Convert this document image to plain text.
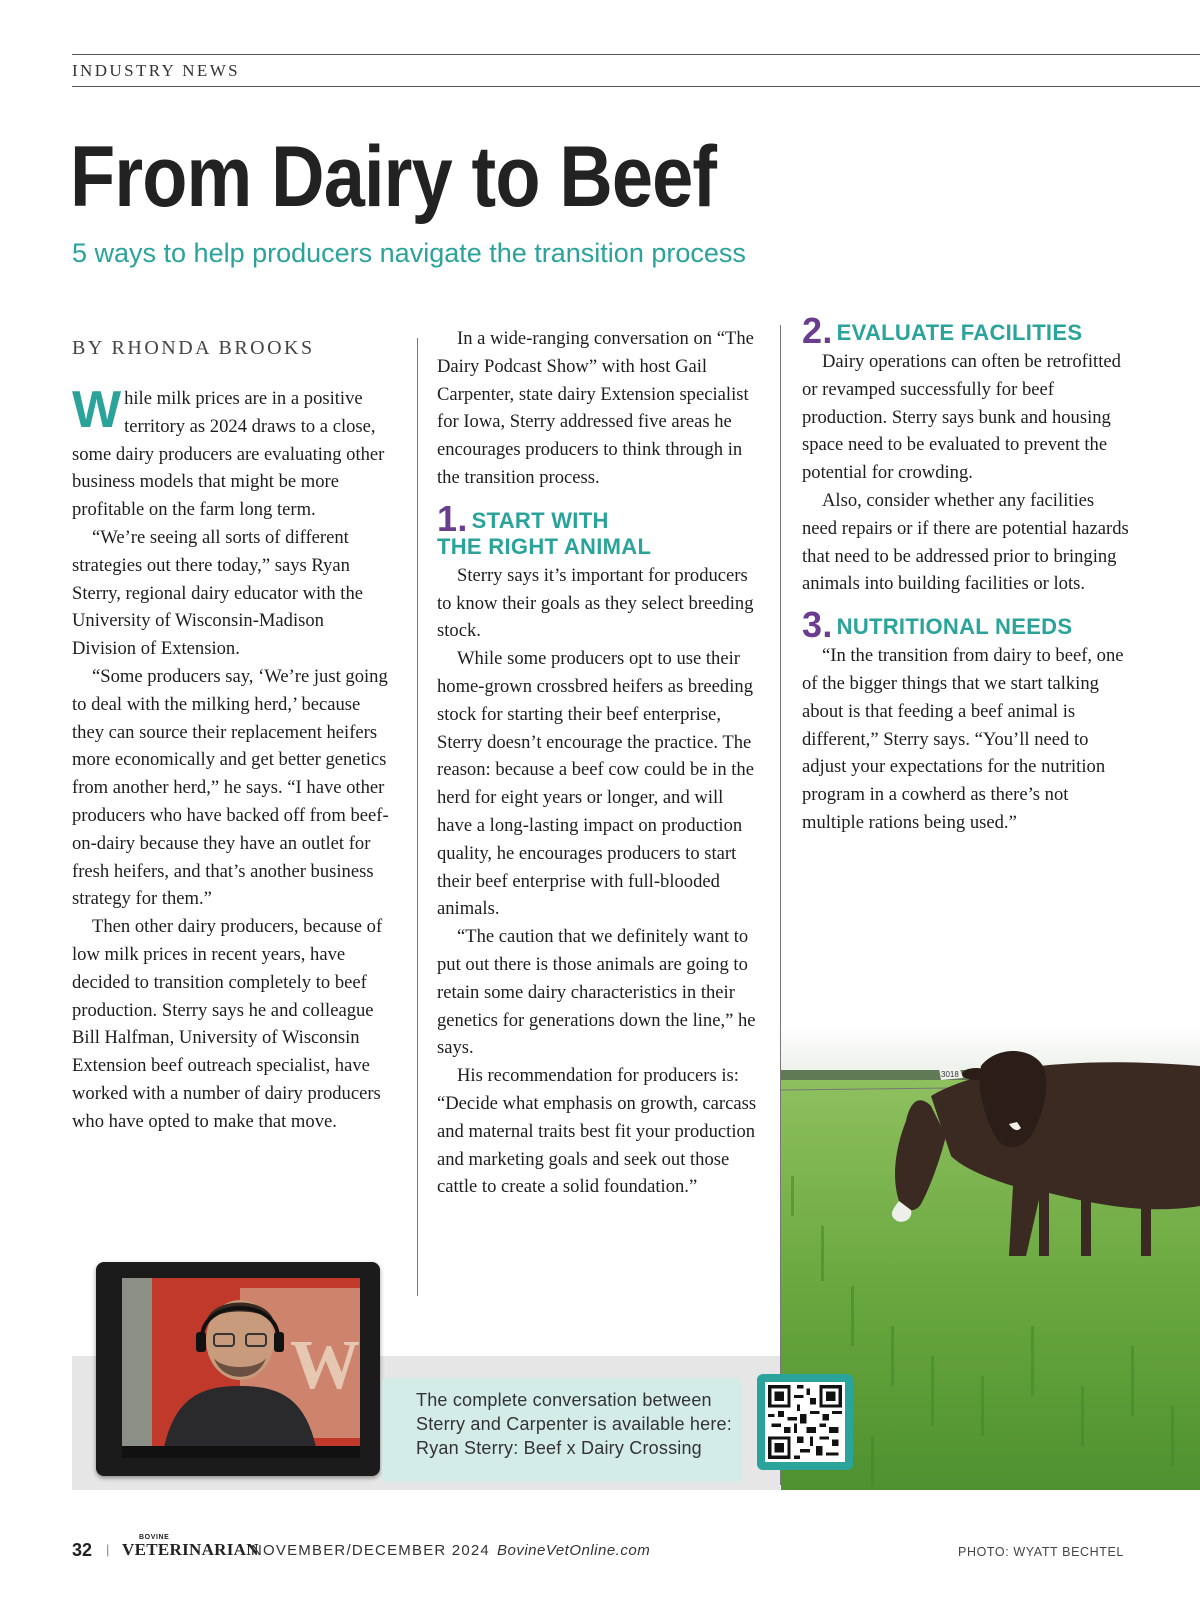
INDUSTRY NEWS
From Dairy to Beef
5 ways to help producers navigate the transition process
BY RHONDA BROOKS

While milk prices are in a positive territory as 2024 draws to a close, some dairy producers are evaluating other business models that might be more profitable on the farm long term.

“We’re seeing all sorts of different strategies out there today,” says Ryan Sterry, regional dairy educator with the University of Wisconsin-Madison Division of Extension.

“Some producers say, ‘We’re just going to deal with the milking herd,’ because they can source their replacement heifers more economically and get better genetics from another herd,” he says. “I have other producers who have backed off from beef-on-dairy because they have an outlet for fresh heifers, and that’s another business strategy for them.”

Then other dairy producers, because of low milk prices in recent years, have decided to transition completely to beef production. Sterry says he and colleague Bill Halfman, University of Wisconsin Extension beef outreach specialist, have worked with a number of dairy producers who have opted to make that move.

In a wide-ranging conversation on “The Dairy Podcast Show” with host Gail Carpenter, state dairy Extension specialist for Iowa, Sterry addressed five areas he encourages producers to think through in the transition process.

1. START WITH
THE RIGHT ANIMAL

Sterry says it’s important for producers to know their goals as they select breeding stock.

While some producers opt to use their home-grown crossbred heifers as breeding stock for starting their beef enterprise, Sterry doesn’t encourage the practice. The reason: because a beef cow could be in the herd for eight years or longer, and will have a long-lasting impact on production quality, he encourages producers to start their beef enterprise with full-blooded animals.

“The caution that we definitely want to put out there is those animals are going to retain some dairy characteristics in their genetics for generations down the line,” he says.

His recommendation for producers is: “Decide what emphasis on growth, carcass and maternal traits best fit your production and marketing goals and seek out those cattle to create a solid foundation.”

2. EVALUATE FACILITIES

Dairy operations can often be retrofitted or revamped successfully for beef production. Sterry says bunk and housing space need to be evaluated to prevent the potential for crowding.

Also, consider whether any facilities need repairs or if there are potential hazards that need to be addressed prior to bringing animals into building facilities or lots.

3. NUTRITIONAL NEEDS

“In the transition from dairy to beef, one of the bigger things that we start talking about is that feeding a beef animal is different,” Sterry says. “You’ll need to adjust your expectations for the nutrition program in a cowherd as there’s not multiple rations being used.”

3018
W	The complete conversation between
Sterry and Carpenter is available here:
Ryan Sterry: Beef x Dairy Crossing
32 |
BOVINE
VETERINARIAN
NOVEMBER/DECEMBER 2024 BovineVetOnline.com	PHOTO: WYATT BECHTEL
